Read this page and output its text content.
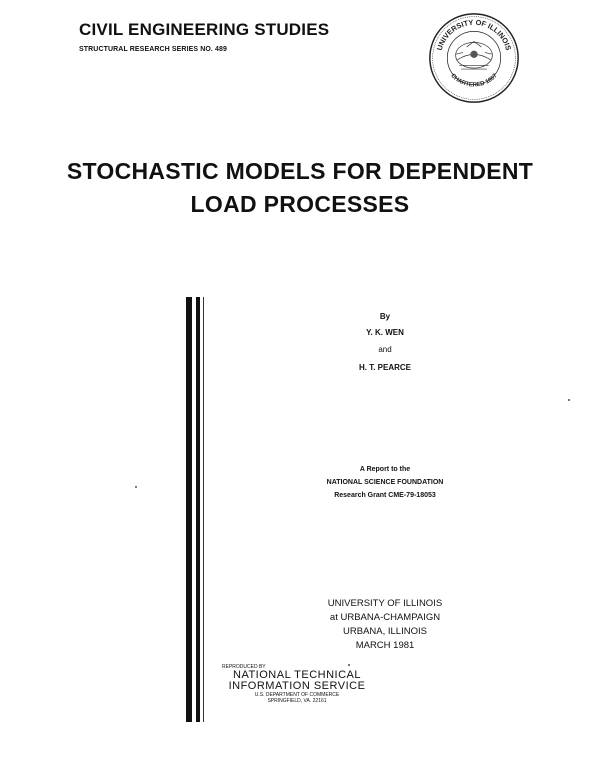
CIVIL ENGINEERING STUDIES
STRUCTURAL RESEARCH SERIES NO. 489	UNIVERSITY OF ILLINOIS
CHARTERED 1867
STOCHASTIC MODELS FOR DEPENDENT
LOAD PROCESSES
By
Y. K. WEN
and
H. T. PEARCE
A Report to the
NATIONAL SCIENCE FOUNDATION
Research Grant CME-79-18053
UNIVERSITY OF ILLINOIS
at URBANA-CHAMPAIGN
URBANA, ILLINOIS
MARCH 1981
REPRODUCED BY
NATIONAL TECHNICAL
INFORMATION SERVICE
U.S. DEPARTMENT OF COMMERCE
SPRINGFIELD, VA. 22161
